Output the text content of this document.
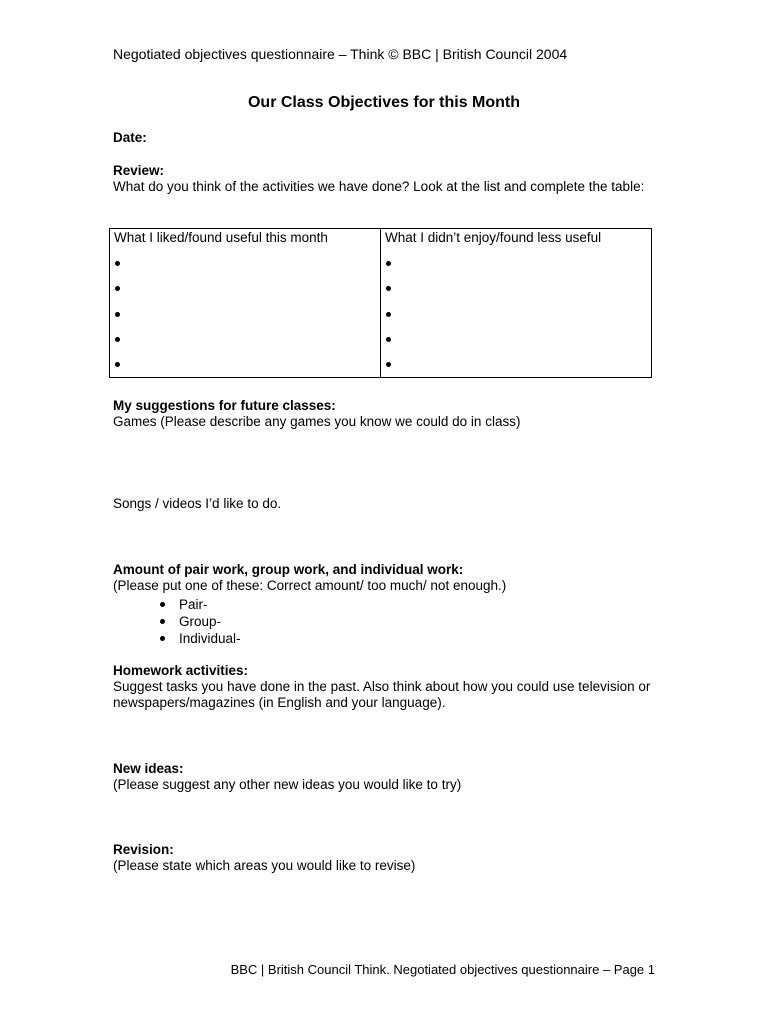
Negotiated objectives questionnaire – Think © BBC | British Council 2004
Our Class Objectives for this Month
Date:
Review:
What do you think of the activities we have done? Look at the list and complete the table:
What I liked/found useful this month	What I didn’t enjoy/found less useful

My suggestions for future classes:
Games (Please describe any games you know we could do in class)
Songs / videos I’d like to do.
Amount of pair work, group work, and individual work:
(Please put one of these: Correct amount/ too much/ not enough.)
Pair-
Group-
Individual-
Homework activities:
Suggest tasks you have done in the past. Also think about how you could use television or newspapers/magazines (in English and your language).
New ideas:
(Please suggest any other new ideas you would like to try)
Revision:
(Please state which areas you would like to revise)
BBC | British Council Think. Negotiated objectives questionnaire – Page 1
